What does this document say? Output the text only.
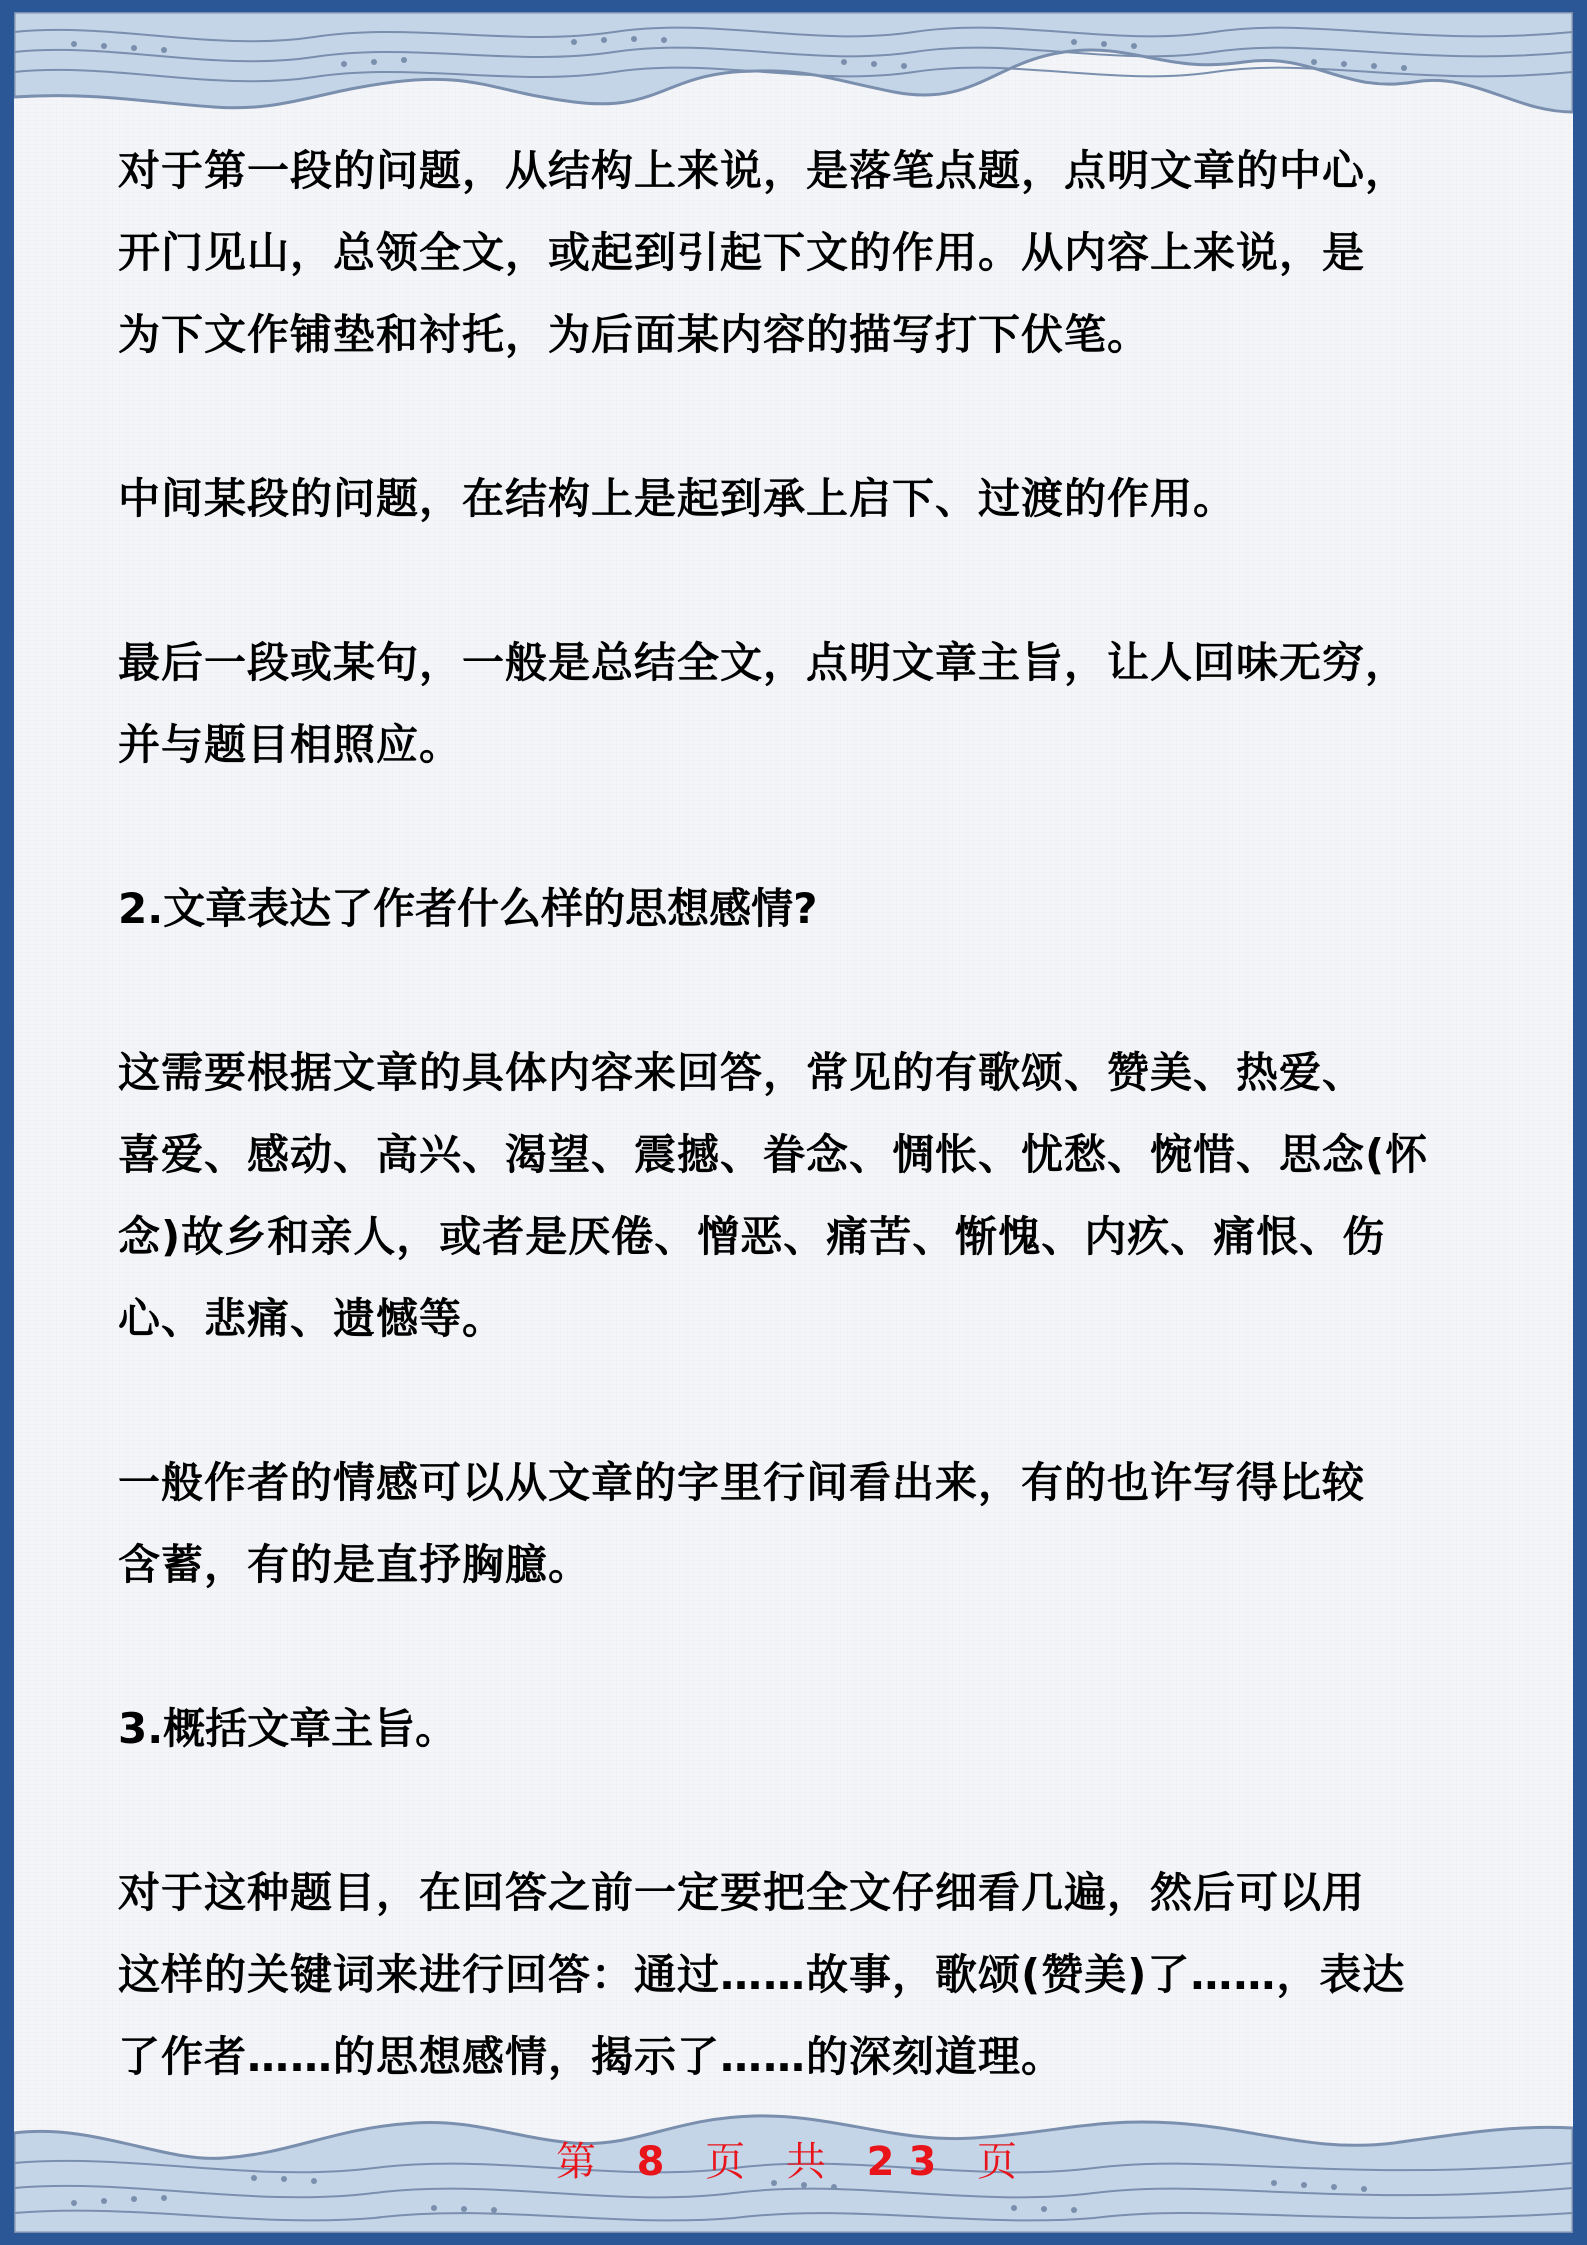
对于第一段的问题，从结构上来说，是落笔点题，点明文章的中心，
开门见山，总领全文，或起到引起下文的作用。从内容上来说，是
为下文作铺垫和衬托，为后面某内容的描写打下伏笔。

中间某段的问题，在结构上是起到承上启下、过渡的作用。

最后一段或某句，一般是总结全文，点明文章主旨，让人回味无穷，
并与题目相照应。

2.文章表达了作者什么样的思想感情?

这需要根据文章的具体内容来回答，常见的有歌颂、赞美、热爱、
喜爱、感动、高兴、渴望、震撼、眷念、惆怅、忧愁、惋惜、思念(怀
念)故乡和亲人，或者是厌倦、憎恶、痛苦、惭愧、内疚、痛恨、伤
心、悲痛、遗憾等。

一般作者的情感可以从文章的字里行间看出来，有的也许写得比较
含蓄，有的是直抒胸臆。

3.概括文章主旨。

对于这种题目，在回答之前一定要把全文仔细看几遍，然后可以用
这样的关键词来进行回答：通过……故事，歌颂(赞美)了……，表达
了作者……的思想感情，揭示了……的深刻道理。

第 8 页 共 23 页
